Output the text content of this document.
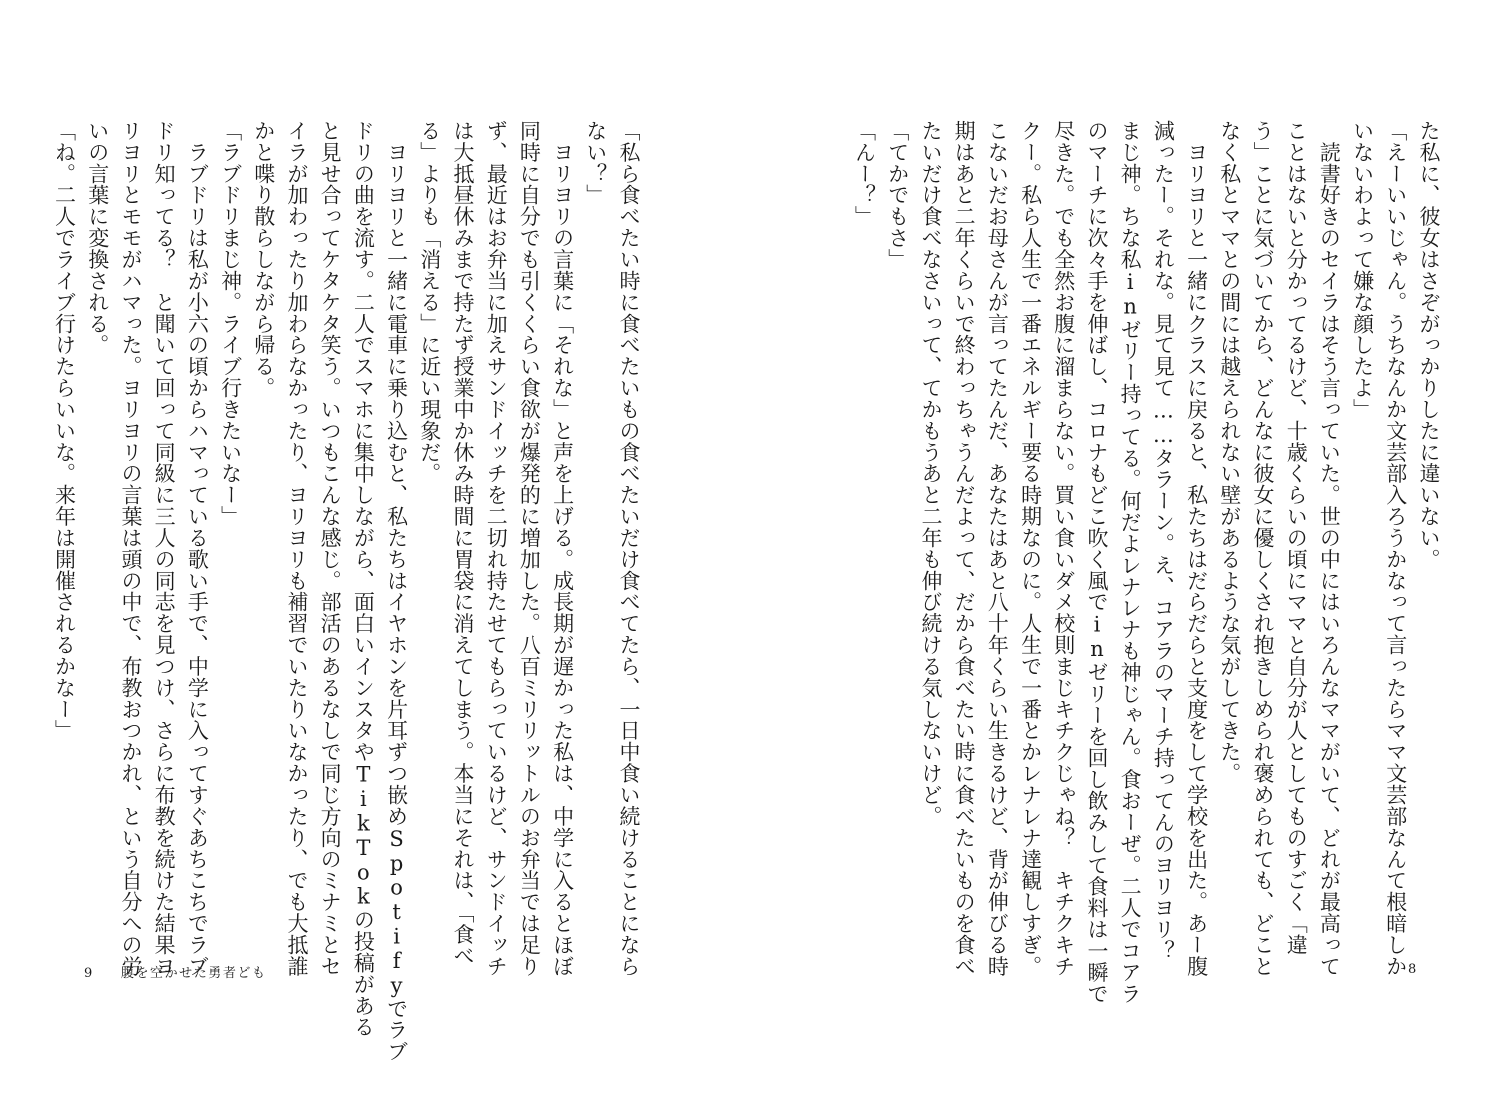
た私に、彼女はさぞがっかりしたに違いない。
「えーいいじゃん。うちなんか文芸部入ろうかなって言ったらママ文芸部なんて根暗しか
いないわよって嫌な顔したよ」
　読書好きのセイラはそう言っていた。世の中にはいろんなママがいて、どれが最高って
ことはないと分かってるけど、十歳くらいの頃にママと自分が人としてものすごく「違
う」ことに気づいてから、どんなに彼女に優しくされ抱きしめられ褒められても、どこと
なく私とママとの間には越えられない壁があるような気がしてきた。
　ヨリヨリと一緒にクラスに戻ると、私たちはだらだらと支度をして学校を出た。あー腹
減ったー。それな。見て見て……タラーン。え、コアラのマーチ持ってんのヨリヨリ？
まじ神。ちな私inゼリー持ってる。何だよレナレナも神じゃん。食おーぜ。二人でコアラ
のマーチに次々手を伸ばし、コロナもどこ吹く風でinゼリーを回し飲みして食料は一瞬で
尽きた。でも全然お腹に溜まらない。買い食いダメ校則まじキチクじゃね？　キチクキチ
クー。私ら人生で一番エネルギー要る時期なのに。人生で一番とかレナレナ達観しすぎ。
こないだお母さんが言ってたんだ、あなたはあと八十年くらい生きるけど、背が伸びる時
期はあと二年くらいで終わっちゃうんだよって、だから食べたい時に食べたいものを食べ
たいだけ食べなさいって、てかもうあと二年も伸び続ける気しないけど。
「てかでもさ」
「んー？」
8
「私ら食べたい時に食べたいもの食べたいだけ食べてたら、一日中食い続けることになら
ない？」
　ヨリヨリの言葉に「それな」と声を上げる。成長期が遅かった私は、中学に入るとほぼ
同時に自分でも引くくらい食欲が爆発的に増加した。八百ミリリットルのお弁当では足り
ず、最近はお弁当に加えサンドイッチを二切れ持たせてもらっているけど、サンドイッチ
は大抵昼休みまで持たず授業中か休み時間に胃袋に消えてしまう。本当にそれは、「食べ
る」よりも「消える」に近い現象だ。
　ヨリヨリと一緒に電車に乗り込むと、私たちはイヤホンを片耳ずつ嵌めSpotifyでラブ
ドリの曲を流す。二人でスマホに集中しながら、面白いインスタやTikTokの投稿がある
と見せ合ってケタケタ笑う。いつもこんな感じ。部活のあるなしで同じ方向のミナミとセ
イラが加わったり加わらなかったり、ヨリヨリも補習でいたりいなかったり、でも大抵誰
かと喋り散らしながら帰る。
「ラブドリまじ神。ライブ行きたいなー」
　ラブドリは私が小六の頃からハマっている歌い手で、中学に入ってすぐあちこちでラブ
ドリ知ってる？　と聞いて回って同級に三人の同志を見つけ、さらに布教を続けた結果ヨ
リヨリとモモがハマった。ヨリヨリの言葉は頭の中で、布教おつかれ、という自分への労
いの言葉に変換される。
「ね。二人でライブ行けたらいいな。来年は開催されるかなー」
9 腹を空かせた勇者ども
